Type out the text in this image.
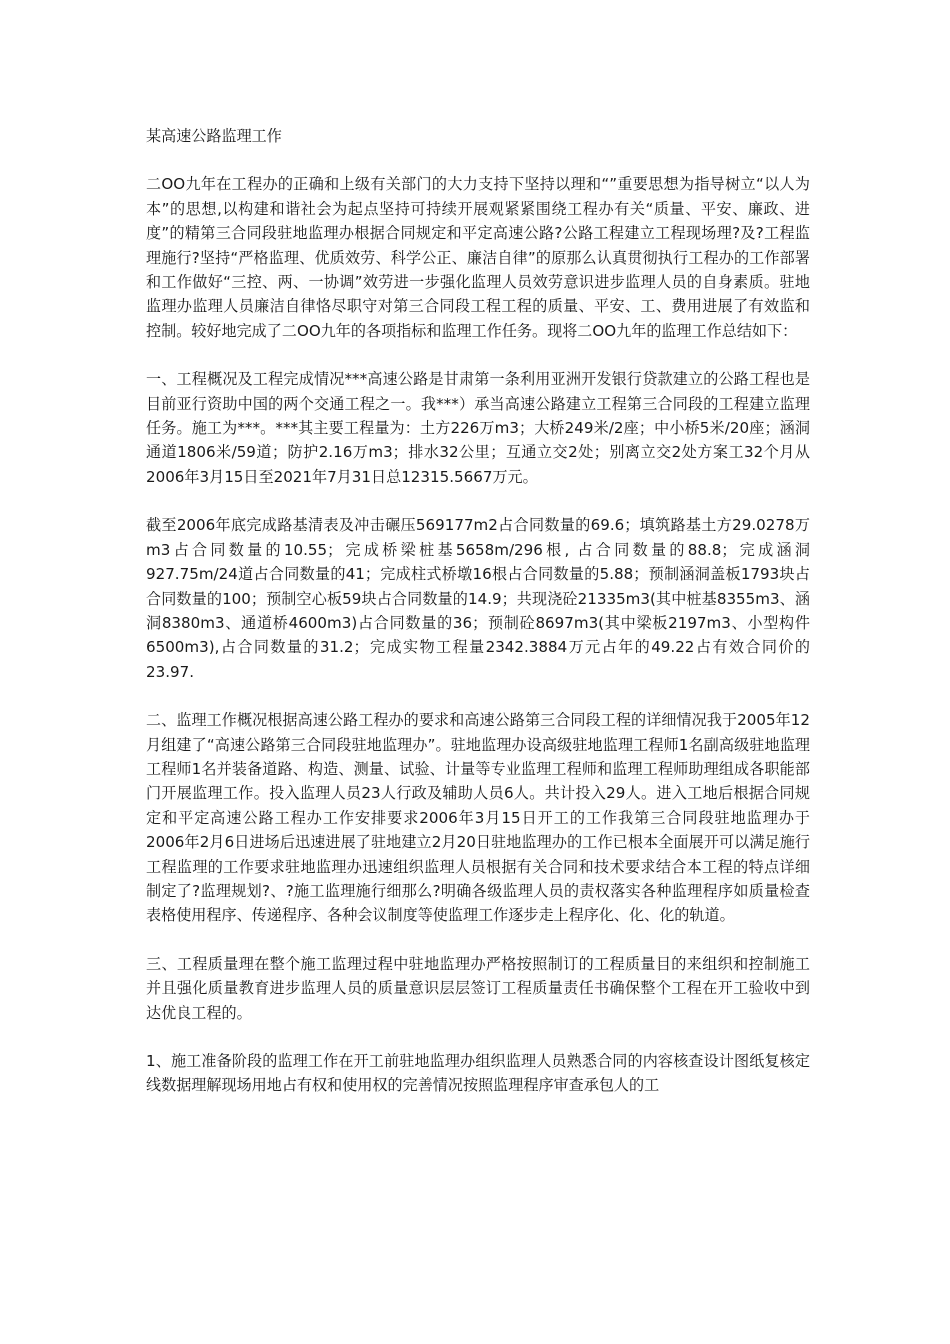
某高速公路监理工作

二OO九年在工程办的正确和上级有关部门的大力支持下坚持以理和“”重要思想为指导树立“以人为本”的思想,以构建和谐社会为起点坚持可持续开展观紧紧围绕工程办有关“质量、平安、廉政、进度”的精第三合同段驻地监理办根据合同规定和平定高速公路?公路工程建立工程现场理?及?工程监理施行?坚持“严格监理、优质效劳、科学公正、廉洁自律”的原那么认真贯彻执行工程办的工作部署和工作做好“三控、两、一协调”效劳进一步强化监理人员效劳意识进步监理人员的自身素质。驻地监理办监理人员廉洁自律恪尽职守对第三合同段工程工程的质量、平安、工、费用进展了有效监和控制。较好地完成了二OO九年的各项指标和监理工作任务。现将二OO九年的监理工作总结如下：

一、工程概况及工程完成情况***高速公路是甘肃第一条利用亚洲开发银行贷款建立的公路工程也是目前亚行资助中国的两个交通工程之一。我***）承当高速公路建立工程第三合同段的工程建立监理任务。施工为***。***其主要工程量为：土方226万m3；大桥249米/2座；中小桥5米/20座；涵洞通道1806米/59道；防护2.16万m3；排水32公里；互通立交2处；别离立交2处方案工32个月从2006年3月15日至2021年7月31日总12315.5667万元。

截至2006年底完成路基清表及冲击碾压569177m2占合同数量的69.6；填筑路基土方29.0278万m3占合同数量的10.55；完成桥梁桩基5658m/296根, 占合同数量的88.8；完成涵洞927.75m/24道占合同数量的41；完成柱式桥墩16根占合同数量的5.88；预制涵洞盖板1793块占合同数量的100；预制空心板59块占合同数量的14.9；共现浇砼21335m3(其中桩基8355m3、涵洞8380m3、通道桥4600m3)占合同数量的36；预制砼8697m3(其中梁板2197m3、小型构件6500m3),占合同数量的31.2；完成实物工程量2342.3884万元占年的49.22占有效合同价的23.97.

二、监理工作概况根据高速公路工程办的要求和高速公路第三合同段工程的详细情况我于2005年12月组建了“高速公路第三合同段驻地监理办”。驻地监理办设高级驻地监理工程师1名副高级驻地监理工程师1名并装备道路、构造、测量、试验、计量等专业监理工程师和监理工程师助理组成各职能部门开展监理工作。投入监理人员23人行政及辅助人员6人。共计投入29人。进入工地后根据合同规定和平定高速公路工程办工作安排要求2006年3月15日开工的工作我第三合同段驻地监理办于2006年2月6日进场后迅速进展了驻地建立2月20日驻地监理办的工作已根本全面展开可以满足施行工程监理的工作要求驻地监理办迅速组织监理人员根据有关合同和技术要求结合本工程的特点详细制定了?监理规划?、?施工监理施行细那么?明确各级监理人员的责权落实各种监理程序如质量检查表格使用程序、传递程序、各种会议制度等使监理工作逐步走上程序化、化、化的轨道。

三、工程质量理在整个施工监理过程中驻地监理办严格按照制订的工程质量目的来组织和控制施工并且强化质量教育进步监理人员的质量意识层层签订工程质量责任书确保整个工程在开工验收中到达优良工程的。

1、施工准备阶段的监理工作在开工前驻地监理办组织监理人员熟悉合同的内容核查设计图纸复核定线数据理解现场用地占有权和使用权的完善情况按照监理程序审查承包人的工
